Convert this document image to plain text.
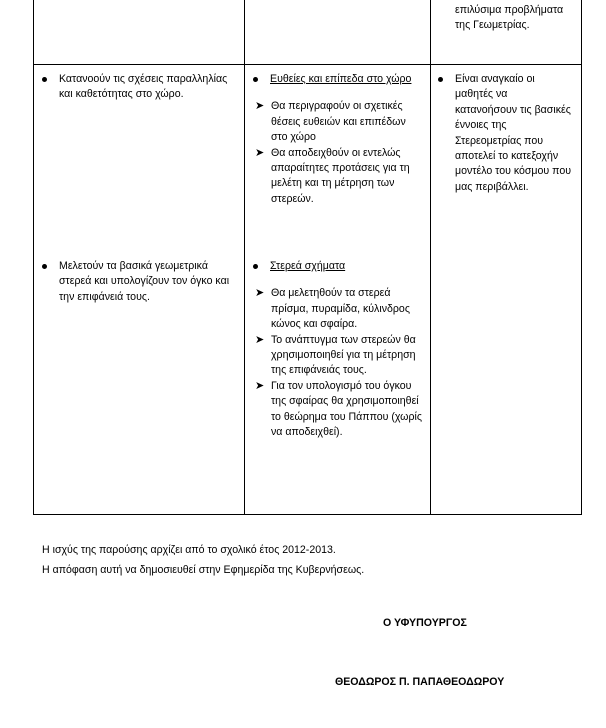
επιλύσιμα προβλήματα της Γεωμετρίας.
Κατανοούν τις σχέσεις παραλληλίας και καθετότητας στο χώρο.
Ευθείες και επίπεδα στο χώρο
➤ Θα περιγραφούν οι σχετικές θέσεις ευθειών και επιπέδων στο χώρο
➤ Θα αποδειχθούν οι εντελώς απαραίτητες προτάσεις για τη μελέτη και τη μέτρηση των στερεών.
Είναι αναγκαίο οι μαθητές να κατανοήσουν τις βασικές έννοιες της Στερεομετρίας που αποτελεί το κατεξοχήν μοντέλο του κόσμου που μας περιβάλλει.
Μελετούν τα βασικά γεωμετρικά στερεά και υπολογίζουν τον όγκο και την επιφάνειά τους.
Στερεά σχήματα
➤ Θα μελετηθούν τα στερεά πρίσμα, πυραμίδα, κύλινδρος κώνος και σφαίρα.
➤ Το ανάπτυγμα των στερεών θα χρησιμοποιηθεί για τη μέτρηση της επιφάνειάς τους.
➤ Για τον υπολογισμό του όγκου της σφαίρας θα χρησιμοποιηθεί το θεώρημα του Πάππου (χωρίς να αποδειχθεί).
Η ισχύς της παρούσης αρχίζει από το σχολικό έτος 2012-2013.
Η απόφαση αυτή να δημοσιευθεί στην Εφημερίδα της Κυβερνήσεως.
Ο ΥΦΥΠΟΥΡΓΟΣ
ΘΕΟΔΩΡΟΣ Π. ΠΑΠΑΘΕΟΔΩΡΟΥ
